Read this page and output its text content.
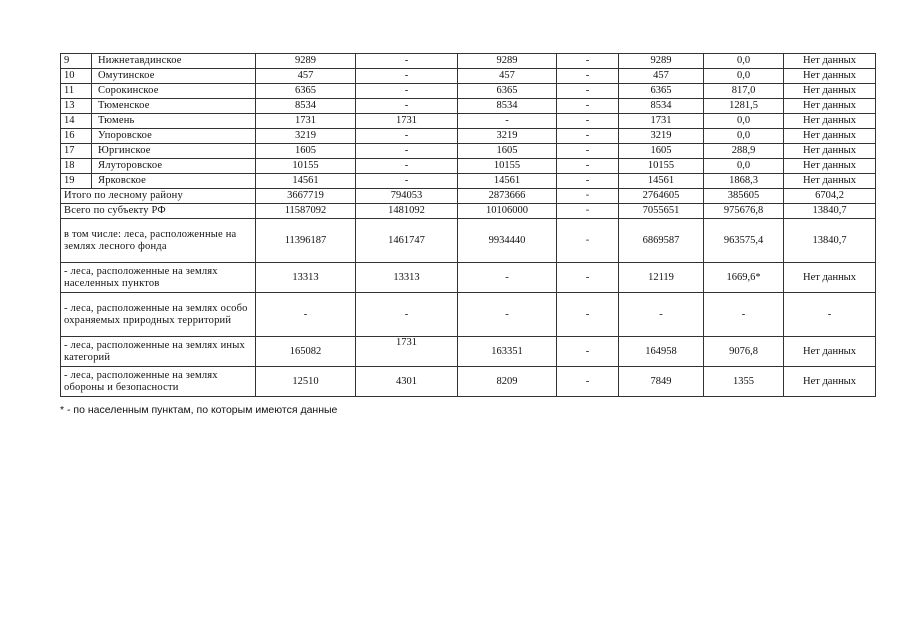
9	Нижнетавдинское	9289	-	9289	-	9289	0,0	Нет данных
10	Омутинское	457	-	457	-	457	0,0	Нет данных
11	Сорокинское	6365	-	6365	-	6365	817,0	Нет данных
13	Тюменское	8534	-	8534	-	8534	1281,5	Нет данных
14	Тюмень	1731	1731	-	-	1731	0,0	Нет данных
16	Упоровское	3219	-	3219	-	3219	0,0	Нет данных
17	Юргинское	1605	-	1605	-	1605	288,9	Нет данных
18	Ялуторовское	10155	-	10155	-	10155	0,0	Нет данных
19	Ярковское	14561	-	14561	-	14561	1868,3	Нет данных
Итого по лесному району		3667719	794053	2873666	-	2764605	385605	6704,2
Всего по субъекту РФ		11587092	1481092	10106000	-	7055651	975676,8	13840,7
в том числе: леса, расположенные на землях лесного фонда		11396187	1461747	9934440	-	6869587	963575,4	13840,7
- леса, расположенные на землях населенных пунктов		13313	13313	-	-	12119	1669,6*	Нет данных
- леса, расположенные на землях особо охраняемых природных территорий		-	-	-	-	-	-	-
- леса, расположенные на землях иных категорий		165082	1731	163351	-	164958	9076,8	Нет данных
- леса, расположенные на землях обороны и безопасности		12510	4301	8209	-	7849	1355	Нет данных
* - по населенным пунктам, по которым имеются данные
